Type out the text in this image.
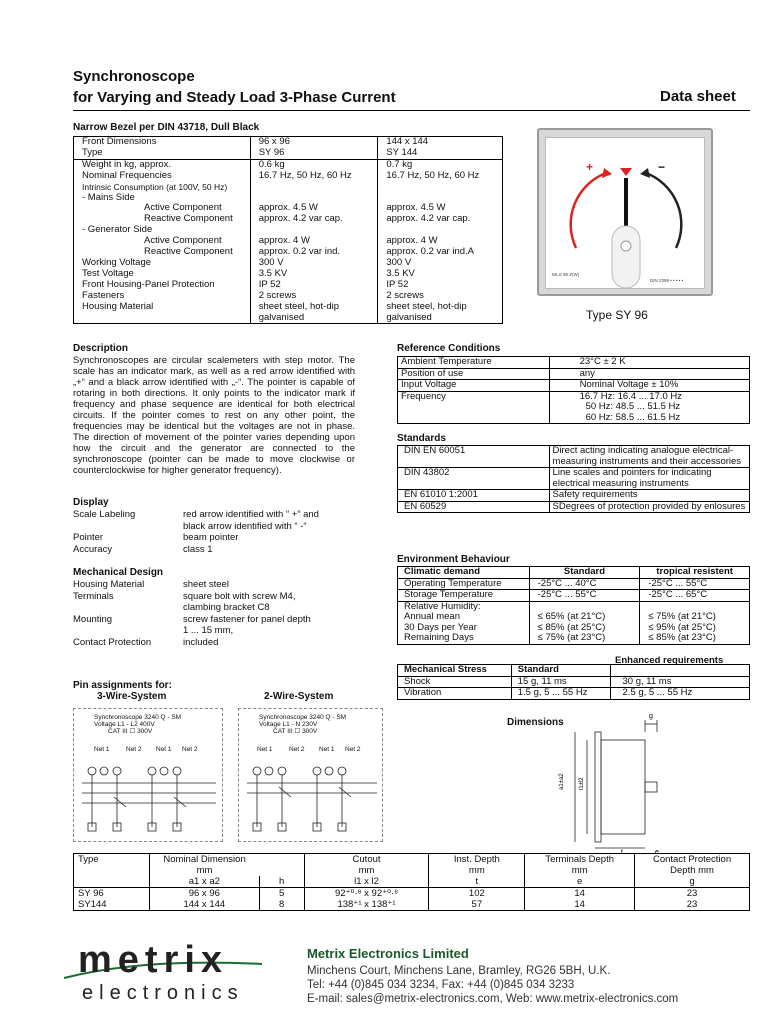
Synchronoscope
for Varying and Steady Load 3-Phase Current	Data sheet
Narrow Bezel per DIN 43718, Dull Black
Front Dimensions	96 x 96	144 x 144
Type	SY 96	SY 144
Weight in kg, approx.	0.6 kg	0.7 kg
Nominal Frequencies	16.7 Hz, 50 Hz, 60 Hz	16.7 Hz, 50 Hz, 60 Hz
Intrinsic Consumption (at 100V, 50 Hz)		
- Mains Side		
Active Component	approx. 4.5 W	approx. 4.5 W
Reactive Component	approx. 4.2 var cap.	approx. 4.2 var cap.
- Generator Side		
Active Component	approx. 4 W	approx. 4 W
Reactive Component	approx. 0.2 var ind.	approx. 0.2 var ind.A
Working Voltage	300 V	300 V
Test Voltage	3.5 KV	3.5 KV
Front Housing-Panel Protection	IP 52	IP 52
Fasteners	2 screws	2 screws
Housing Material	sheet steel, hot-dip	sheet steel, hot-dip
	galvanised	galvanised
+	−
WLS 96 Z(W)
DIN 2399 • • • • •
Type SY 96
Description

Synchronoscopes are circular scalemeters with step motor. The scale has an indicator mark, as well as a red arrow identified with „+“ and a black arrow identified with „-“. The pointer is capable of rotaring in both directions. It only points to the indicator mark if frequency and phase sequence are identical for both electrical circuits. If the pointer comes to rest on any other point, the frequencies may be identical but the voltages are not in phase. The direction of movement of the pointer varies depending upon how the circuit and the generator are connected to the synchronoscope (pointer can be made to move clockwise or counterclockwise for higher generator frequency).

Display
Scale Labeling	red arrow identified with “ +“ and
black arrow identified with “ -“
Pointer	beam pointer
Accuracy	class 1
Mechanical Design
Housing Material	sheet steel
Terminals	square bolt with screw M4,
clambing bracket C8
Mounting	screw fastener for panel depth
1 ... 15 mm,
Contact Protection	included
Reference Conditions
Ambient Temperature	23°C ± 2 K
Position of use	any
Input Voltage	Nominal Voltage ± 10%
Frequency	16.7 Hz: 16.4 ... 17.0 Hz
	50 Hz: 48.5 ... 51.5 Hz
	60 Hz: 58.5 ... 61.5 Hz
Standards
DIN EN 60051	Direct acting indicating analogue electrical-measuring instruments and their accessories
DIN 43802	Line scales and pointers for indicating electrical measuring instruments
EN 61010 1:2001	Safety requirements
EN 60529	SDegrees of protection provided by enlosures
Environment Behaviour
Climatic demand	Standard	tropical resistent
Operating Temperature	-25°C ... 40°C	-25°C ... 55°C
Storage Temperature	-25°C ... 55°C	-25°C ... 65°C
Relative Humidity:		
Annual mean	≤ 65% (at 21°C)	≤ 75% (at 21°C)
30 Days per Year	≤ 85% (at 25°C)	≤ 95% (at 25°C)
Remaining Days	≤ 75% (at 23°C)	≤ 85% (at 23°C)
Enhanced requirements
Mechanical Stress	Standard	
Shock	15 g, 11 ms	30 g, 11 ms
Vibration	1.5 g, 5 ... 55 Hz	2.5 g, 5 ... 55 Hz
Pin assignments for:
3-Wire-System	2-Wire-System
Synchronoscope 3240 Q - SM
Voltage L1 - L2 400V
CAT III ☐ 300V
Net 1	Net 2 Net 1 Net 2
Synchronoscope 3240 Q - SM
Voltage L1 - N 230V
CAT III ☐ 300V
Net 1	Net 2 Net 1 Net 2
Dimensions
a1±a2 l1±l2
g
t	e
Type	Nominal Dimension		Cutout	Inst. Depth	Terminals Depth	Contact Protection
	mm		mm	mm	mm	Depth mm
	a1 x a2	h	l1 x l2	t	e	g
SY 96	96 x 96	5	92⁺⁰·⁸ x 92⁺⁰·⁸	102	14	23
SY144	144 x 144	8	138⁺¹ x 138⁺¹	57	14	23
metrix
electronics
Metrix Electronics Limited
Minchens Court, Minchens Lane, Bramley, RG26 5BH, U.K.
Tel: +44 (0)845 034 3234, Fax: +44 (0)845 034 3233
E-mail: sales@metrix-electronics.com, Web: www.metrix-electronics.com
